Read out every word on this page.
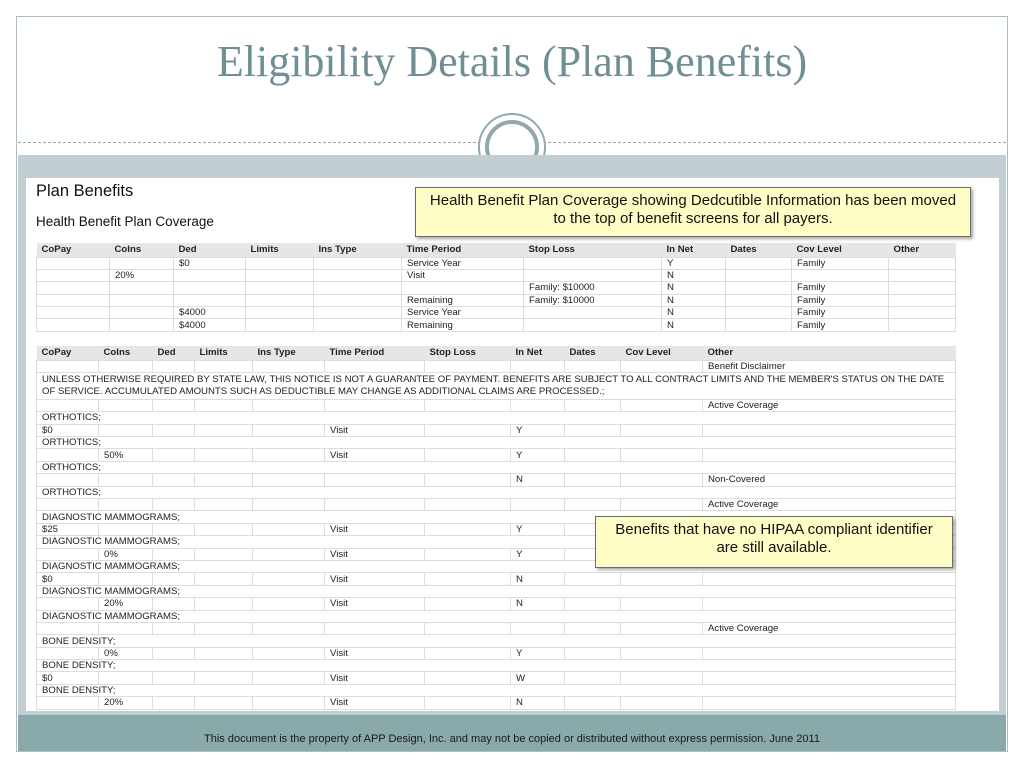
Eligibility Details (Plan Benefits)
Plan Benefits
Health Benefit Plan Coverage
CoPay	CoIns	Ded	Limits	Ins Type	Time Period	Stop Loss	In Net	Dates	Cov Level	Other
		$0			Service Year		Y		Family	
	20%				Visit		N			
						Family: $10000	N		Family	
					Remaining	Family: $10000	N		Family	
		$4000			Service Year		N		Family	
		$4000			Remaining		N		Family	
CoPay	CoIns	Ded	Limits	Ins Type	Time Period	Stop Loss	In Net	Dates	Cov Level	Other
										Benefit Disclaimer
UNLESS OTHERWISE REQUIRED BY STATE LAW, THIS NOTICE IS NOT A GUARANTEE OF PAYMENT. BENEFITS ARE SUBJECT TO ALL CONTRACT LIMITS AND THE MEMBER'S STATUS ON THE DATE OF SERVICE. ACCUMULATED AMOUNTS SUCH AS DEDUCTIBLE MAY CHANGE AS ADDITIONAL CLAIMS ARE PROCESSED.;										
										Active Coverage
ORTHOTICS;										
$0					Visit		Y			
ORTHOTICS;										
	50%				Visit		Y			
ORTHOTICS;										
							N			Non-Covered
ORTHOTICS;										
										Active Coverage
DIAGNOSTIC MAMMOGRAMS;										
$25					Visit		Y			
DIAGNOSTIC MAMMOGRAMS;										
	0%				Visit		Y			
DIAGNOSTIC MAMMOGRAMS;										
$0					Visit		N			
DIAGNOSTIC MAMMOGRAMS;										
	20%				Visit		N			
DIAGNOSTIC MAMMOGRAMS;										
										Active Coverage
BONE DENSITY;										
	0%				Visit		Y			
BONE DENSITY;										
$0					Visit		W			
BONE DENSITY;										
	20%				Visit		N			
Health Benefit Plan Coverage showing Dedcutible Information has been moved to the top of benefit screens for all payers.
Benefits that have no HIPAA compliant identifier are still available.
This document is the property of APP Design, Inc. and may not be copied or distributed without express permission. June 2011
